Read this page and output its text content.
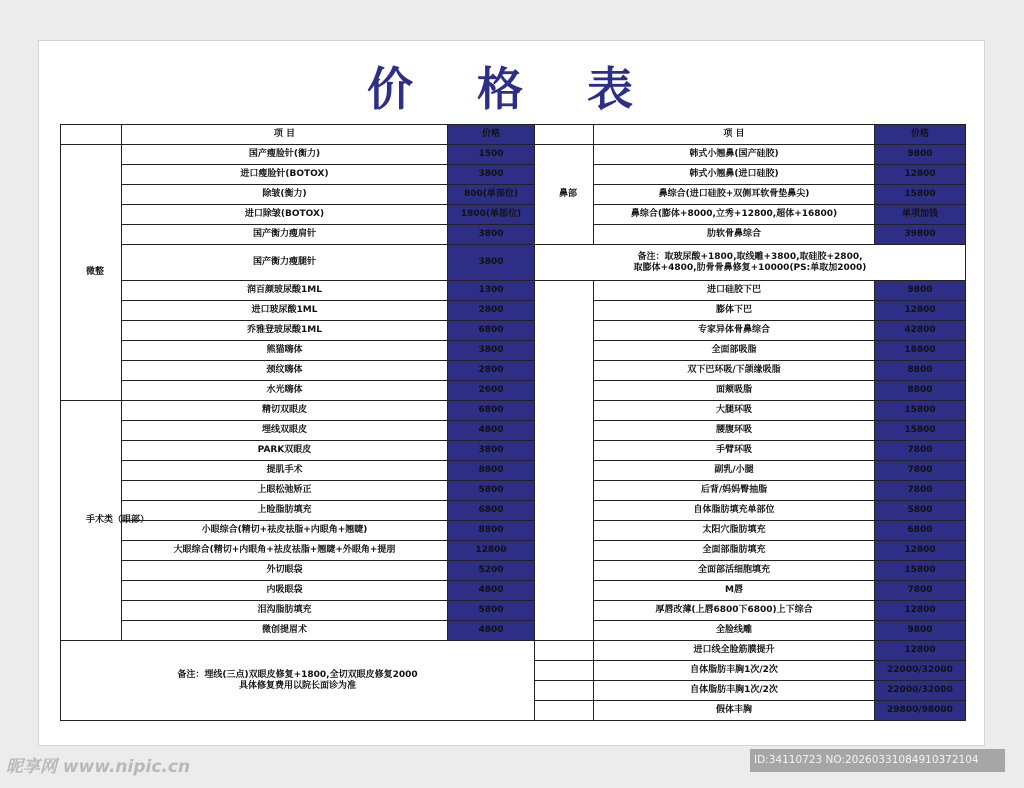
价 格 表
	项 目	价格		项 目	价格
微整	国产瘦脸针(衡力)	1500	鼻部	韩式小翘鼻(国产硅胶)	9800
	进口瘦脸针(BOTOX)	3800		韩式小翘鼻(进口硅胶)	12800
	除皱(衡力)	800(单部位)		鼻综合(进口硅胶+双侧耳软骨垫鼻尖)	15800
	进口除皱(BOTOX)	1800(单部位)		鼻综合(膨体+8000,立秀+12800,超体+16800)	单项加钱
	国产衡力瘦肩针	3800		肋软骨鼻综合	39800
	国产衡力瘦腿针	3800	备注：取玻尿酸+1800,取线雕+3800,取硅胶+2800,
取膨体+4800,肋骨骨鼻修复+10000(PS:单取加2000)		
	润百颜玻尿酸1ML	1300		进口硅胶下巴	9800
	进口玻尿酸1ML	2800		膨体下巴	12800
	乔雅登玻尿酸1ML	6800		专家异体骨鼻综合	42800
	熊猫嗨体	3800		全面部吸脂	18800
	颈纹嗨体	2800		双下巴环吸/下颌缘吸脂	8800
	水光嗨体	2600		面颊吸脂	8800
手术类（眼部）	精切双眼皮	6800		大腿环吸	15800
	埋线双眼皮	4800		腰腹环吸	15800
	PARK双眼皮	3800		手臂环吸	7800
	提肌手术	8800		副乳/小腿	7800
	上眼松弛矫正	5800		后背/妈妈臀抽脂	7800
	上睑脂肪填充	6800		自体脂肪填充单部位	5800
	小眼综合(精切+祛皮祛脂+内眼角+翘睫)	8800		太阳穴脂肪填充	6800
	大眼综合(精切+内眼角+祛皮祛脂+翘睫+外眼角+提朋	12800		全面部脂肪填充	12800
	外切眼袋	5200		全面部活细胞填充	15800
	内吸眼袋	4800		M唇	7800
	泪沟脂肪填充	5800		厚唇改薄(上唇6800下6800)上下综合	12800
	微创提眉术	4800		全脸线雕	9800
备注：埋线(三点)双眼皮修复+1800,全切双眼皮修复2000
具体修复费用以院长面诊为准				进口线全脸筋膜提升	12800
				自体脂肪丰胸1次/2次	22000/32000
				自体脂肪丰胸1次/2次	22000/32000
				假体丰胸	29800/98000
昵享网 www.nipic.cn	ID:34110723 NO:20260331084910372104
